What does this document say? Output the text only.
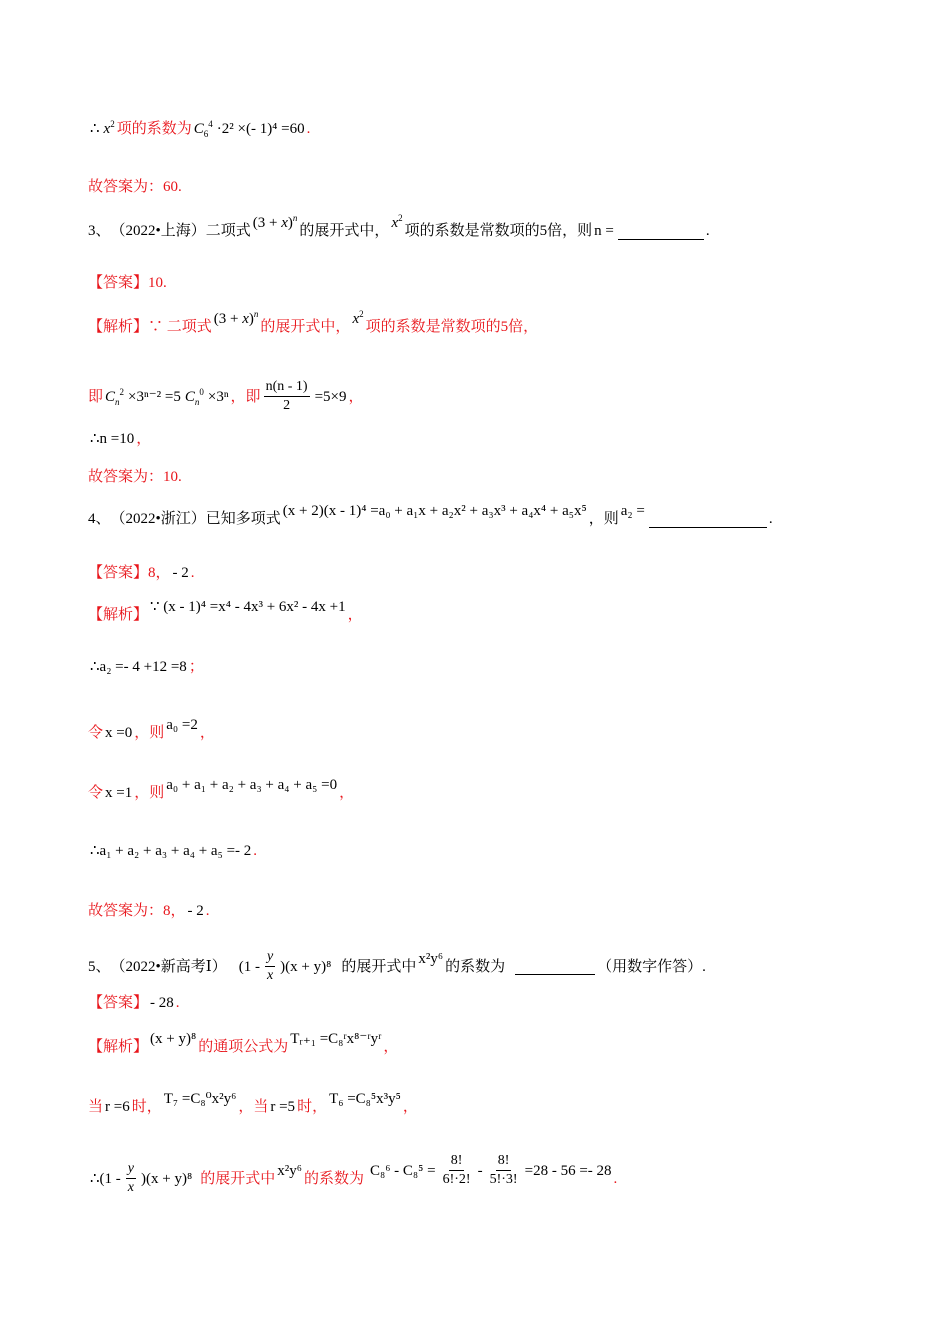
∴ $x^2$ 项的系数为 $C_6^4 \cdot 2^2$ ×(- 1)⁴ =60 .
故答案为：60.
3、 （2022•上海）二项式 $(3 + x)^n$
的展开式中， $x^2$
项的系数是常数项的 5 倍，则 n =	.
【答案】 10.
【解析】 ∵ 二项式 $(3 + x)^n$
的展开式中， $x^2$
项的系数是常数项的 5 倍，
即 $C_n^2 \times 3^{n-2} =5$ $C_n^0 \times 3^n$ ，即 $\frac{n(n - 1)}{2} =5\times 9$ ，
∴n =10 ，
故答案为：10.
4、 （2022•浙江）已知多项式 (x + 2)(x - 1)⁴ =a₀ + a₁x + a₂x² + a₃x³ + a₄x⁴ + a₅x⁵ ，则 a₂ =	.
【答案】 8， - 2 .
【解析】 ∵ (x - 1)⁴ =x⁴ - 4x³ + 6x² - 4x +1 ，
∴a₂ =- 4 +12 =8 ；
令 x =0 ，则 a₀ =2 ，
令 x =1 ，则 a₀ + a₁ + a₂ + a₃ + a₄ + a₅ =0 ，
∴a₁ + a₂ + a₃ + a₄ + a₅ =- 2 .
故答案为：8， - 2 .
5、 （2022•新高考Ⅰ） $(1 - \frac{y}{x} )(x + y)^8$ 的展开式中 x²y⁶ 的系数为	（用数字作答）.
【答案】 - 28 .
【解析】 (x + y)⁸ 的通项公式为 Tᵣ₊₁ =C₈ʳx⁸⁻ʳyʳ ，
当 r =6 时， T₇ =C₈⁰x²y⁶ ，当 r =5 时， T₆ =C₈⁵x³y⁵ ，
∴(1 - $\frac{y}{x} )(x + y)^8$ 的展开式中 x²y⁶ 的系数为 $C_8^6 - C_8^5 = \frac{8!}{6!\cdot 2!} - \frac{8!}{5!\cdot 3!} =28 - 56 =- 28$ .
